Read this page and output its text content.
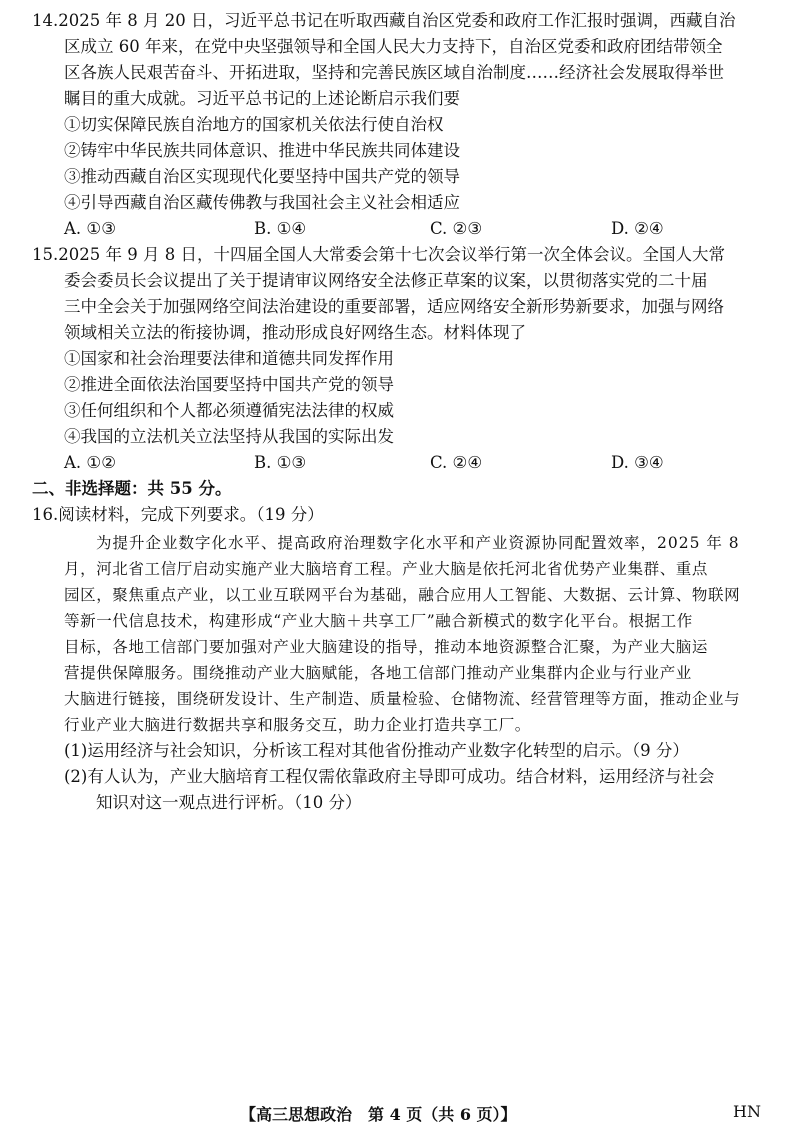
14.2025 年 8 月 20 日，习近平总书记在听取西藏自治区党委和政府工作汇报时强调，西藏自治
区成立 60 年来，在党中央坚强领导和全国人民大力支持下，自治区党委和政府团结带领全
区各族人民艰苦奋斗、开拓进取，坚持和完善民族区域自治制度……经济社会发展取得举世
瞩目的重大成就。习近平总书记的上述论断启示我们要
①切实保障民族自治地方的国家机关依法行使自治权
②铸牢中华民族共同体意识、推进中华民族共同体建设
③推动西藏自治区实现现代化要坚持中国共产党的领导
④引导西藏自治区藏传佛教与我国社会主义社会相适应
A. ①③	B. ①④	C. ②③	D. ②④
15.2025 年 9 月 8 日，十四届全国人大常委会第十七次会议举行第一次全体会议。全国人大常
委会委员长会议提出了关于提请审议网络安全法修正草案的议案，以贯彻落实党的二十届
三中全会关于加强网络空间法治建设的重要部署，适应网络安全新形势新要求，加强与网络
领域相关立法的衔接协调，推动形成良好网络生态。材料体现了
①国家和社会治理要法律和道德共同发挥作用
②推进全面依法治国要坚持中国共产党的领导
③任何组织和个人都必须遵循宪法法律的权威
④我国的立法机关立法坚持从我国的实际出发
A. ①②	B. ①③	C. ②④	D. ③④
二、非选择题：共 55 分。
16.阅读材料，完成下列要求。（19 分）
为提升企业数字化水平、提高政府治理数字化水平和产业资源协同配置效率，2025 年 8
月，河北省工信厅启动实施产业大脑培育工程。产业大脑是依托河北省优势产业集群、重点
园区，聚焦重点产业，以工业互联网平台为基础，融合应用人工智能、大数据、云计算、物联网
等新一代信息技术，构建形成“产业大脑＋共享工厂”融合新模式的数字化平台。根据工作
目标，各地工信部门要加强对产业大脑建设的指导，推动本地资源整合汇聚，为产业大脑运
营提供保障服务。围绕推动产业大脑赋能，各地工信部门推动产业集群内企业与行业产业
大脑进行链接，围绕研发设计、生产制造、质量检验、仓储物流、经营管理等方面，推动企业与
行业产业大脑进行数据共享和服务交互，助力企业打造共享工厂。
(1)运用经济与社会知识，分析该工程对其他省份推动产业数字化转型的启示。（9 分）
(2)有人认为，产业大脑培育工程仅需依靠政府主导即可成功。结合材料，运用经济与社会
知识对这一观点进行评析。（10 分）
【高三思想政治　第 4 页（共 6 页）】	HN
